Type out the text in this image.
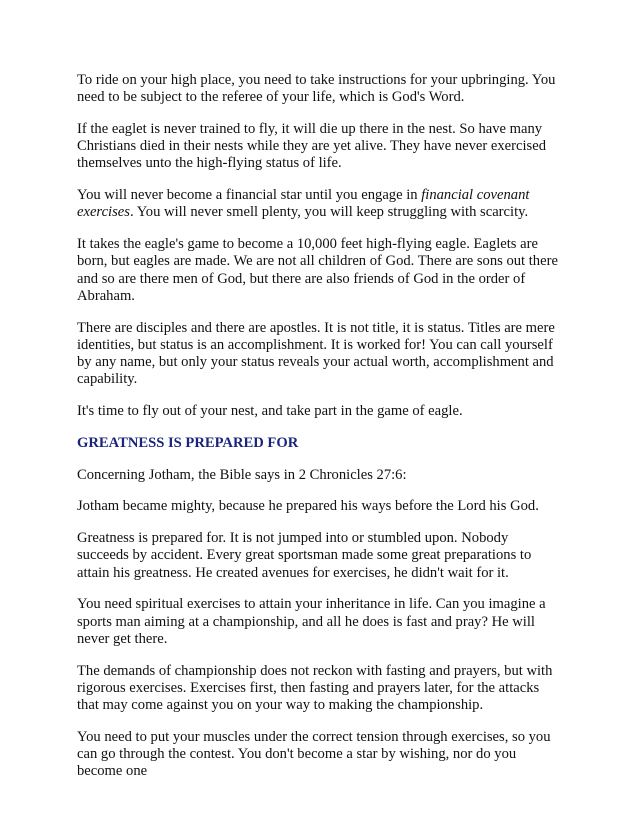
To ride on your high place, you need to take instructions for your upbringing. You need to be subject to the referee of your life, which is God's Word.

If the eaglet is never trained to fly, it will die up there in the nest. So have many Christians died in their nests while they are yet alive. They have never exercised themselves unto the high-flying status of life.

You will never become a financial star until you engage in financial covenant exercises. You will never smell plenty, you will keep struggling with scarcity.

It takes the eagle's game to become a 10,000 feet high-flying eagle. Eaglets are born, but eagles are made. We are not all children of God. There are sons out there and so are there men of God, but there are also friends of God in the order of Abraham.

There are disciples and there are apostles. It is not title, it is status. Titles are mere identities, but status is an accomplishment. It is worked for! You can call yourself by any name, but only your status reveals your actual worth, accomplishment and capability.

It's time to fly out of your nest, and take part in the game of eagle.

GREATNESS IS PREPARED FOR

Concerning Jotham, the Bible says in 2 Chronicles 27:6:

Jotham became mighty, because he prepared his ways before the Lord his God.

Greatness is prepared for. It is not jumped into or stumbled upon. Nobody succeeds by accident. Every great sportsman made some great preparations to attain his greatness. He created avenues for exercises, he didn't wait for it.

You need spiritual exercises to attain your inheritance in life. Can you imagine a sports man aiming at a championship, and all he does is fast and pray? He will never get there.

The demands of championship does not reckon with fasting and prayers, but with rigorous exercises. Exercises first, then fasting and prayers later, for the attacks that may come against you on your way to making the championship.

You need to put your muscles under the correct tension through exercises, so you can go through the contest. You don't become a star by wishing, nor do you become one
